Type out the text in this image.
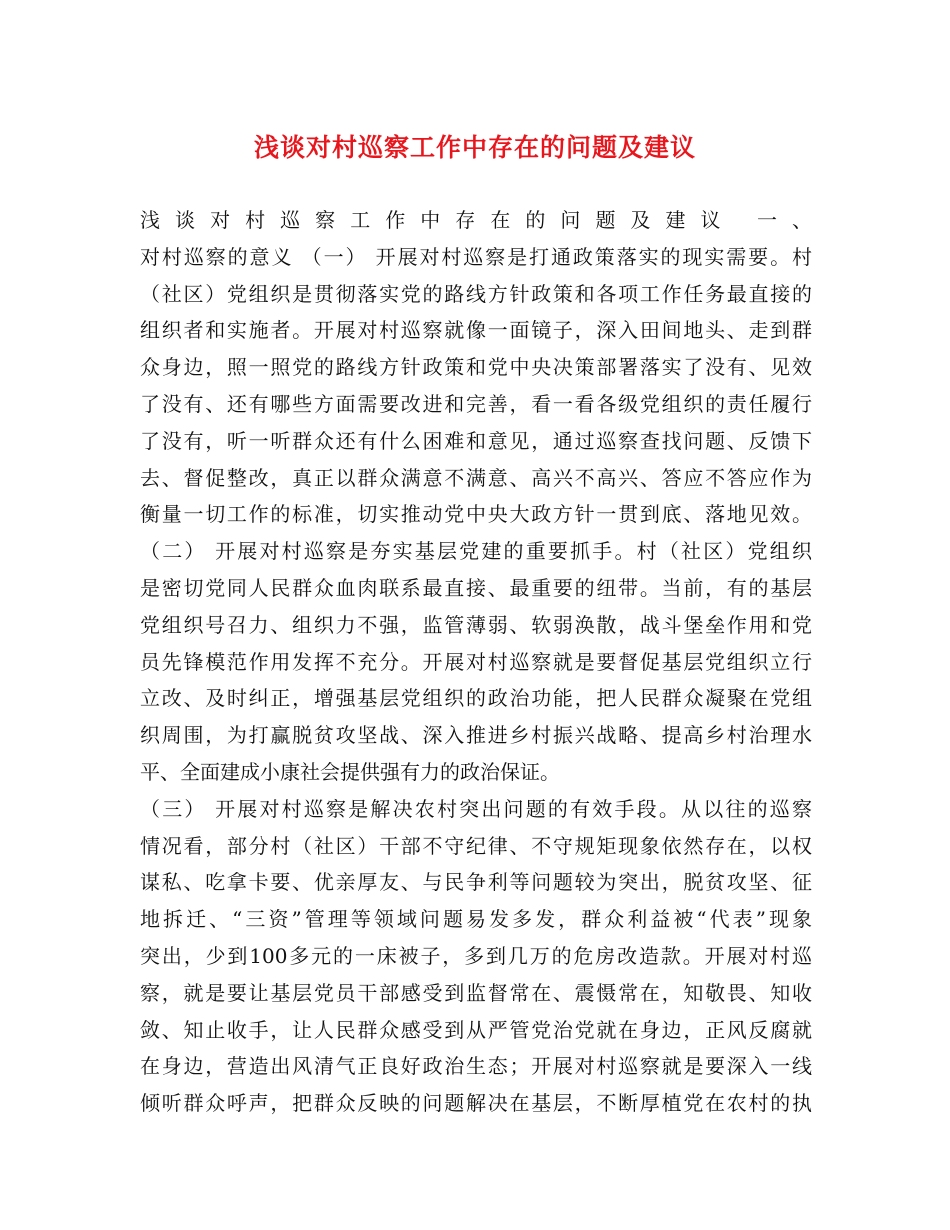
浅谈对村巡察工作中存在的问题及建议
浅谈对村巡察工作中存在的问题及建议 一、
对村巡察的意义 （一） 开展对村巡察是打通政策落实的现实需要。村
（社区）党组织是贯彻落实党的路线方针政策和各项工作任务最直接的
组织者和实施者。开展对村巡察就像一面镜子，深入田间地头、走到群
众身边，照一照党的路线方针政策和党中央决策部署落实了没有、见效
了没有、还有哪些方面需要改进和完善，看一看各级党组织的责任履行
了没有，听一听群众还有什么困难和意见，通过巡察查找问题、反馈下
去、督促整改，真正以群众满意不满意、高兴不高兴、答应不答应作为
衡量一切工作的标准，切实推动党中央大政方针一贯到底、落地见效。
（二） 开展对村巡察是夯实基层党建的重要抓手。村（社区）党组织
是密切党同人民群众血肉联系最直接、最重要的纽带。当前，有的基层
党组织号召力、组织力不强，监管薄弱、软弱涣散，战斗堡垒作用和党
员先锋模范作用发挥不充分。开展对村巡察就是要督促基层党组织立行
立改、及时纠正，增强基层党组织的政治功能，把人民群众凝聚在党组
织周围，为打赢脱贫攻坚战、深入推进乡村振兴战略、提高乡村治理水
平、全面建成小康社会提供强有力的政治保证。
（三） 开展对村巡察是解决农村突出问题的有效手段。从以往的巡察
情况看，部分村（社区）干部不守纪律、不守规矩现象依然存在，以权
谋私、吃拿卡要、优亲厚友、与民争利等问题较为突出，脱贫攻坚、征
地拆迁、“三资”管理等领域问题易发多发，群众利益被“代表”现象
突出，少到100多元的一床被子，多到几万的危房改造款。开展对村巡
察，就是要让基层党员干部感受到监督常在、震慑常在，知敬畏、知收
敛、知止收手，让人民群众感受到从严管党治党就在身边，正风反腐就
在身边，营造出风清气正良好政治生态；开展对村巡察就是要深入一线
倾听群众呼声，把群众反映的问题解决在基层，不断厚植党在农村的执
